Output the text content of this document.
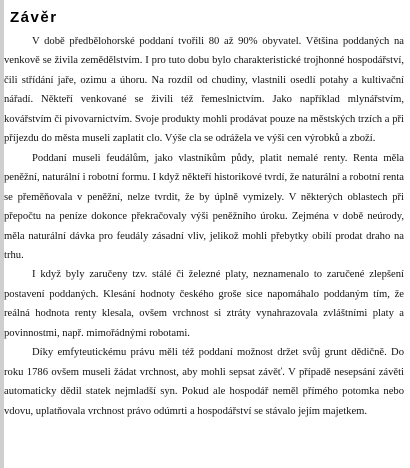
Závěr

V době předbělohorské poddaní tvořili 80 až 90% obyvatel. Většina poddaných na venkově se živila zemědělstvím. I pro tuto dobu bylo charakteristické trojhonné hospodářství, čili střídání jaře, ozimu a úhoru. Na rozdíl od chudiny, vlastnili osedlí potahy a kultivační nářadí. Někteří venkované se živili též řemeslnictvím. Jako například mlynářstvím, kovářstvím či pivovarnictvím. Svoje produkty mohli prodávat pouze na městských trzích a při příjezdu do města museli zaplatit clo. Výše cla se odrážela ve výši cen výrobků a zboží.

Poddaní museli feudálům, jako vlastníkům půdy, platit nemalé renty. Renta měla peněžní, naturální i robotní formu. I když někteří historikové tvrdí, že naturální a robotní renta se přeměňovala v peněžní, nelze tvrdit, že by úplně vymizely. V některých oblastech při přepočtu na peníze dokonce překračovaly výši peněžního úroku. Zejména v době neúrody, měla naturální dávka pro feudály zásadní vliv, jelikož mohli přebytky obilí prodat draho na trhu.

I když byly zaručeny tzv. stálé či železné platy, neznamenalo to zaručené zlepšení postavení poddaných. Klesání hodnoty českého groše sice napomáhalo poddaným tím, že reálná hodnota renty klesala, ovšem vrchnost si ztráty vynahrazovala zvláštními platy a povinnostmi, např. mimořádnými robotami.

Díky emfyteutickému právu měli též poddaní možnost držet svůj grunt dědičně. Do roku 1786 ovšem museli žádat vrchnost, aby mohli sepsat závěť. V případě nesepsání závěti automaticky dědil statek nejmladší syn. Pokud ale hospodář neměl přímého potomka nebo vdovu, uplatňovala vrchnost právo odúmrti a hospodářství se stávalo jejím majetkem.
